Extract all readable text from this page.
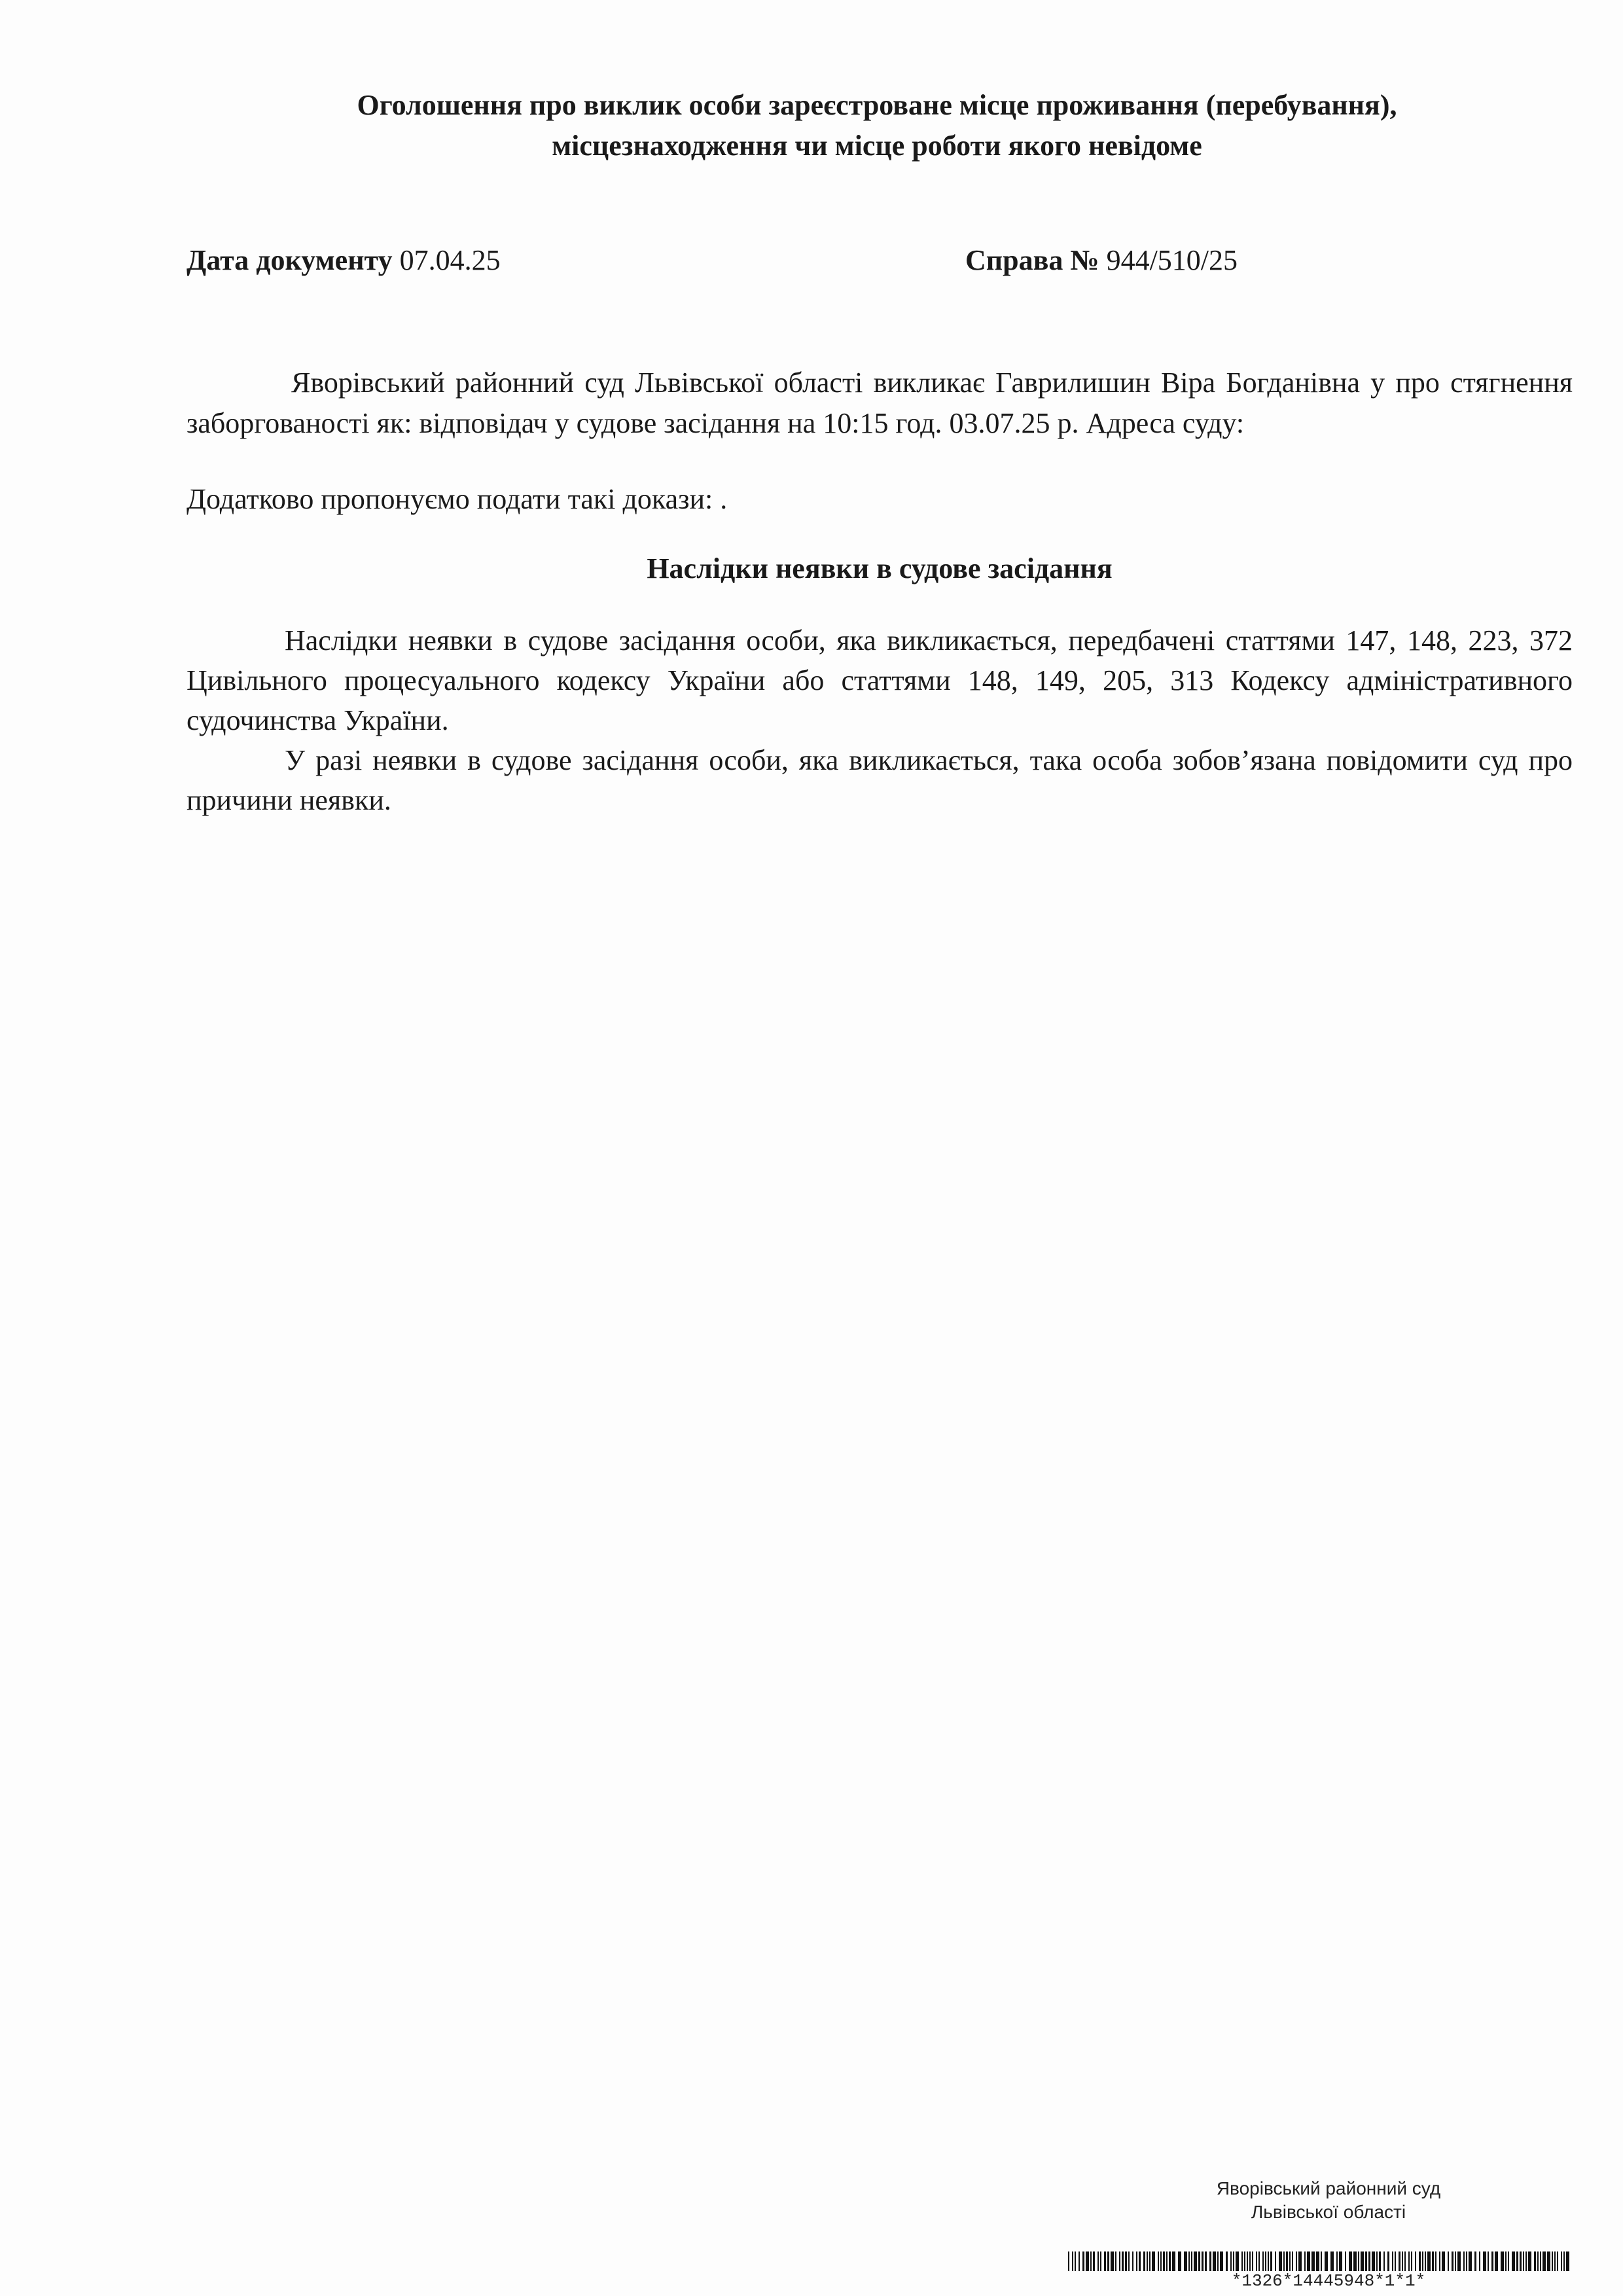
Оголошення про виклик особи зареєстроване місце проживання (перебування),
місцезнаходження чи місце роботи якого невідоме
Дата документу 07.04.25	Справа № 944/510/25
Яворівський районний суд Львівської області викликає Гаврилишин Віра Богданівна у про стягнення заборгованості як: відповідач у судове засідання на 10:15 год. 03.07.25 р. Адреса суду:
Додатково пропонуємо подати такі докази: .
Наслідки неявки в судове засідання

Наслідки неявки в судове засідання особи, яка викликається, передбачені статтями 147, 148, 223, 372 Цивільного процесуального кодексу України або статтями 148, 149, 205, 313 Кодексу адміністративного судочинства України.

У разі неявки в судове засідання особи, яка викликається, така особа зобов’язана повідомити суд про причини неявки.

Яворівський районний суд
Львівської області
*1326*14445948*1*1*
